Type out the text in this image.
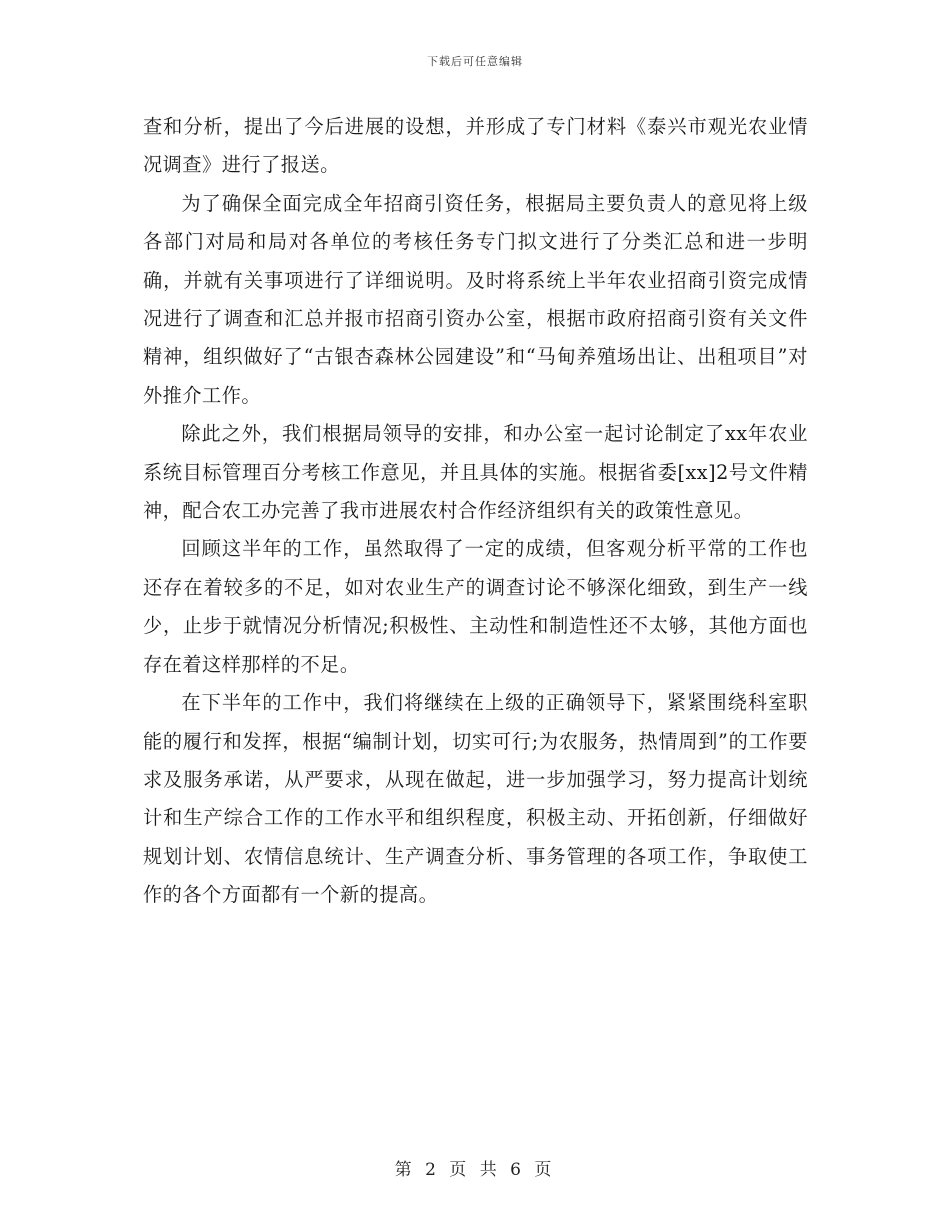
下载后可任意编辑

查和分析，提出了今后进展的设想，并形成了专门材料《泰兴市观光农业情况调查》进行了报送。

为了确保全面完成全年招商引资任务，根据局主要负责人的意见将上级各部门对局和局对各单位的考核任务专门拟文进行了分类汇总和进一步明确，并就有关事项进行了详细说明。及时将系统上半年农业招商引资完成情况进行了调查和汇总并报市招商引资办公室，根据市政府招商引资有关文件精神，组织做好了“古银杏森林公园建设”和“马甸养殖场出让、出租项目”对外推介工作。

除此之外，我们根据局领导的安排，和办公室一起讨论制定了xx年农业系统目标管理百分考核工作意见，并且具体的实施。根据省委[xx]2号文件精神，配合农工办完善了我市进展农村合作经济组织有关的政策性意见。

回顾这半年的工作，虽然取得了一定的成绩，但客观分析平常的工作也还存在着较多的不足，如对农业生产的调查讨论不够深化细致，到生产一线少，止步于就情况分析情况;积极性、主动性和制造性还不太够，其他方面也存在着这样那样的不足。

在下半年的工作中，我们将继续在上级的正确领导下，紧紧围绕科室职能的履行和发挥，根据“编制计划，切实可行;为农服务，热情周到”的工作要求及服务承诺，从严要求，从现在做起，进一步加强学习，努力提高计划统计和生产综合工作的工作水平和组织程度，积极主动、开拓创新，仔细做好规划计划、农情信息统计、生产调查分析、事务管理的各项工作，争取使工作的各个方面都有一个新的提高。

第 2 页 共 6 页
